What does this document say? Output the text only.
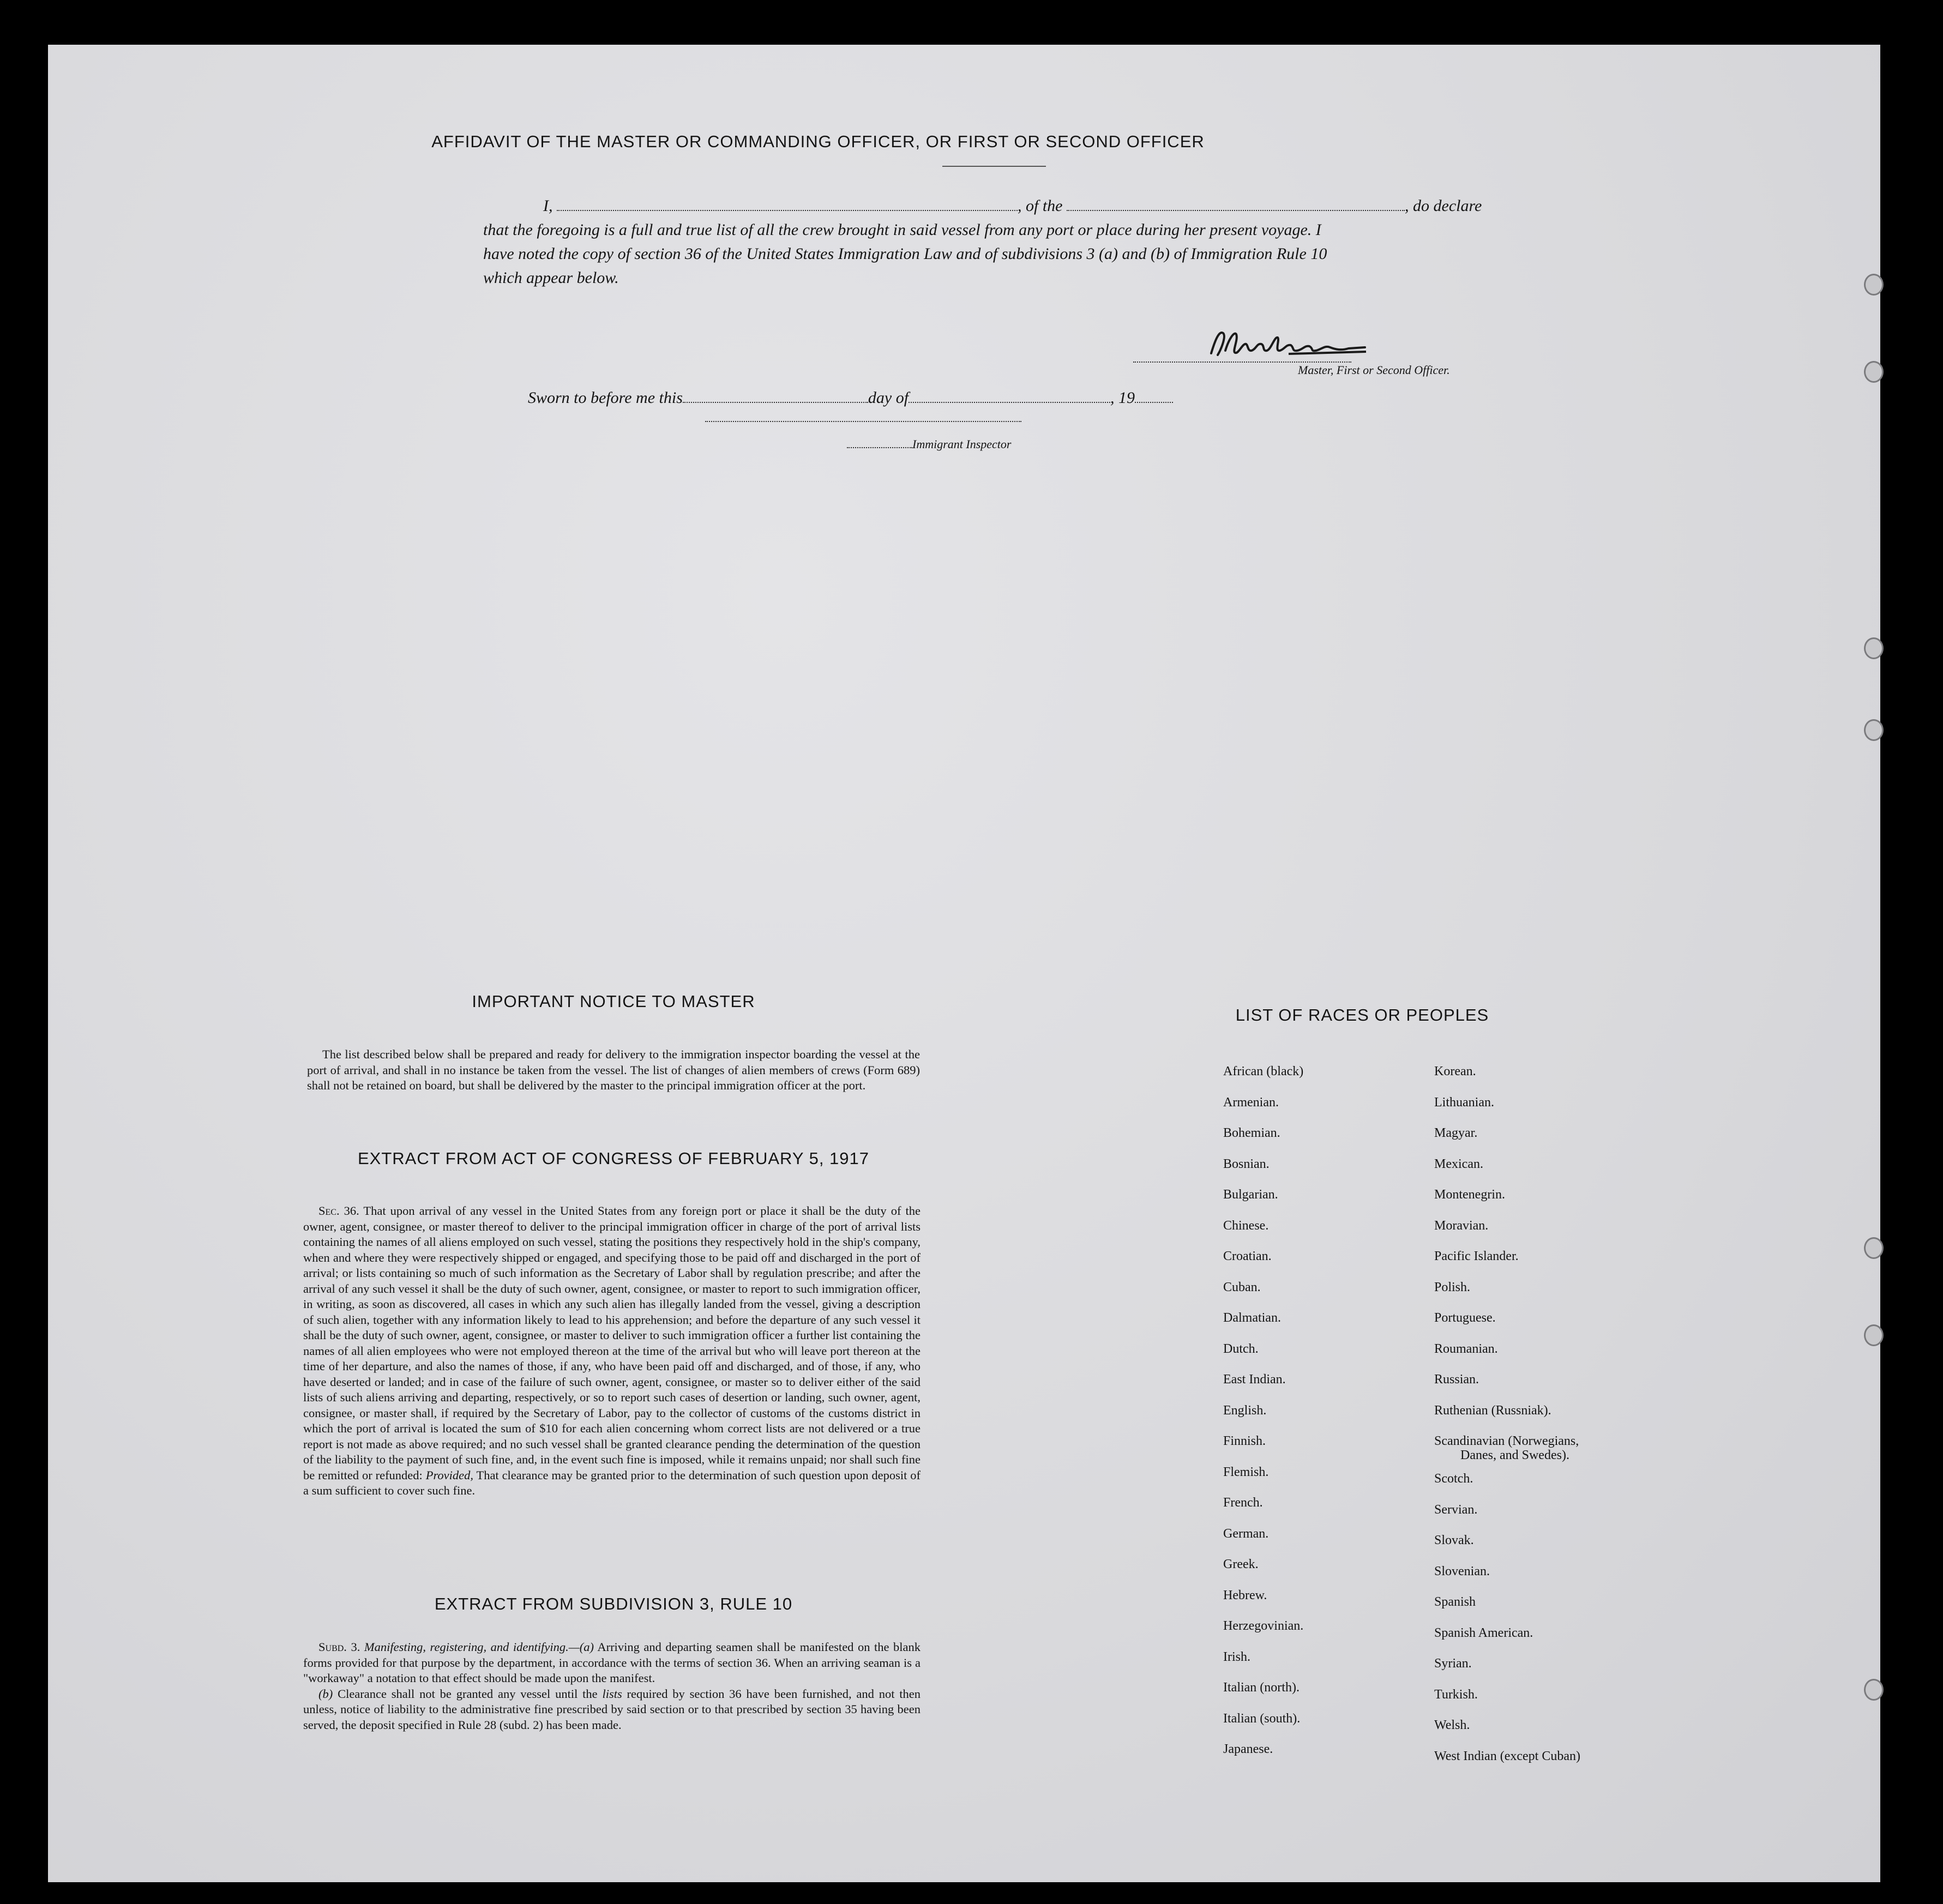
AFFIDAVIT OF THE MASTER OR COMMANDING OFFICER, OR FIRST OR SECOND OFFICER
I,	, of the	, do declare
that the foregoing is a full and true list of all the crew brought in said vessel from any port or place during her present voyage. I
have noted the copy of section 36 of the United States Immigration Law and of subdivisions 3 (a) and (b) of Immigration Rule 10
which appear below.
Master, First or Second Officer.
Sworn to before me this	day of	, 19
Immigrant Inspector
IMPORTANT NOTICE TO MASTER
The list described below shall be prepared and ready for delivery to the immigration inspector boarding the vessel at the port of arrival, and shall in no instance be taken from the vessel. The list of changes of alien members of crews (Form 689) shall not be retained on board, but shall be delivered by the master to the principal immigration officer at the port.
EXTRACT FROM ACT OF CONGRESS OF FEBRUARY 5, 1917
Sec. 36. That upon arrival of any vessel in the United States from any foreign port or place it shall be the duty of the owner, agent, consignee, or master thereof to deliver to the principal immigration officer in charge of the port of arrival lists containing the names of all aliens employed on such vessel, stating the positions they respectively hold in the ship's company, when and where they were respectively shipped or engaged, and specifying those to be paid off and discharged in the port of arrival; or lists containing so much of such information as the Secretary of Labor shall by regulation prescribe; and after the arrival of any such vessel it shall be the duty of such owner, agent, consignee, or master to report to such immigration officer, in writing, as soon as discovered, all cases in which any such alien has illegally landed from the vessel, giving a description of such alien, together with any information likely to lead to his apprehension; and before the departure of any such vessel it shall be the duty of such owner, agent, consignee, or master to deliver to such immigration officer a further list containing the names of all alien employees who were not employed thereon at the time of the arrival but who will leave port thereon at the time of her departure, and also the names of those, if any, who have been paid off and discharged, and of those, if any, who have deserted or landed; and in case of the failure of such owner, agent, consignee, or master so to deliver either of the said lists of such aliens arriving and departing, respectively, or so to report such cases of desertion or landing, such owner, agent, consignee, or master shall, if required by the Secretary of Labor, pay to the collector of customs of the customs district in which the port of arrival is located the sum of $10 for each alien concerning whom correct lists are not delivered or a true report is not made as above required; and no such vessel shall be granted clearance pending the determination of the question of the liability to the payment of such fine, and, in the event such fine is imposed, while it remains unpaid; nor shall such fine be remitted or refunded: Provided, That clearance may be granted prior to the determination of such question upon deposit of a sum sufficient to cover such fine.
EXTRACT FROM SUBDIVISION 3, RULE 10
Subd. 3. Manifesting, registering, and identifying.—(a) Arriving and departing seamen shall be manifested on the blank forms provided for that purpose by the department, in accordance with the terms of section 36. When an arriving seaman is a "workaway" a notation to that effect should be made upon the manifest.
(b) Clearance shall not be granted any vessel until the lists required by section 36 have been furnished, and not then unless, notice of liability to the administrative fine prescribed by said section or to that prescribed by section 35 having been served, the deposit specified in Rule 28 (subd. 2) has been made.
LIST OF RACES OR PEOPLES
African (black)
Armenian.
Bohemian.
Bosnian.
Bulgarian.
Chinese.
Croatian.
Cuban.
Dalmatian.
Dutch.
East Indian.
English.
Finnish.
Flemish.
French.
German.
Greek.
Hebrew.
Herzegovinian.
Irish.
Italian (north).
Italian (south).
Japanese.
Korean.
Lithuanian.
Magyar.
Mexican.
Montenegrin.
Moravian.
Pacific Islander.
Polish.
Portuguese.
Roumanian.
Russian.
Ruthenian (Russniak).
Scandinavian (Norwegians,
Danes, and Swedes).
Scotch.
Servian.
Slovak.
Slovenian.
Spanish
Spanish American.
Syrian.
Turkish.
Welsh.
West Indian (except Cuban)
